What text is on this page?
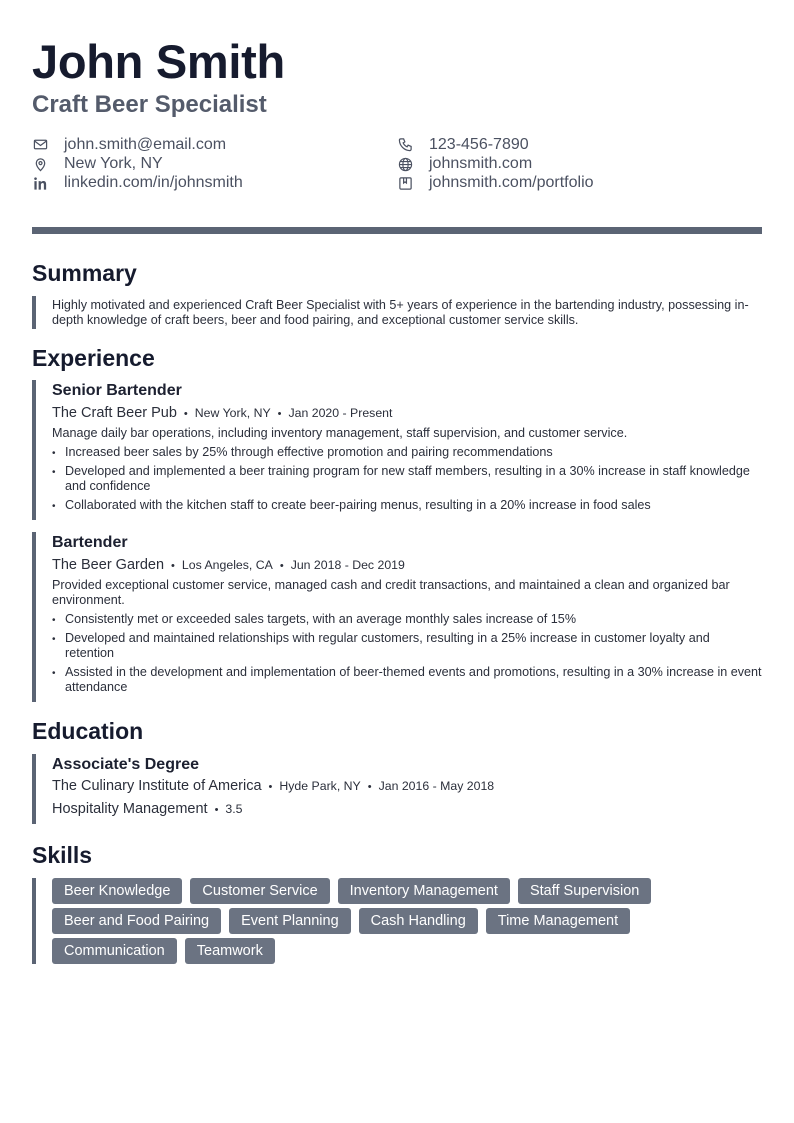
John Smith
Craft Beer Specialist
john.smith@email.com	123-456-7890
New York, NY	johnsmith.com
linkedin.com/in/johnsmith	johnsmith.com/portfolio
Summary
Highly motivated and experienced Craft Beer Specialist with 5+ years of experience in the bartending industry, possessing in-depth knowledge of craft beers, beer and food pairing, and exceptional customer service skills.
Experience
Senior Bartender
The Craft Beer Pub • New York, NY • Jan 2020 - Present
Manage daily bar operations, including inventory management, staff supervision, and customer service.
• Increased beer sales by 25% through effective promotion and pairing recommendations
• Developed and implemented a beer training program for new staff members, resulting in a 30% increase in staff knowledge and confidence
• Collaborated with the kitchen staff to create beer-pairing menus, resulting in a 20% increase in food sales
Bartender
The Beer Garden • Los Angeles, CA • Jun 2018 - Dec 2019
Provided exceptional customer service, managed cash and credit transactions, and maintained a clean and organized bar environment.
• Consistently met or exceeded sales targets, with an average monthly sales increase of 15%
• Developed and maintained relationships with regular customers, resulting in a 25% increase in customer loyalty and retention
• Assisted in the development and implementation of beer-themed events and promotions, resulting in a 30% increase in event attendance
Education
Associate's Degree
The Culinary Institute of America • Hyde Park, NY • Jan 2016 - May 2018
Hospitality Management • 3.5
Skills
Beer Knowledge	Customer Service	Inventory Management	Staff Supervision
Beer and Food Pairing	Event Planning	Cash Handling	Time Management
Communication	Teamwork
